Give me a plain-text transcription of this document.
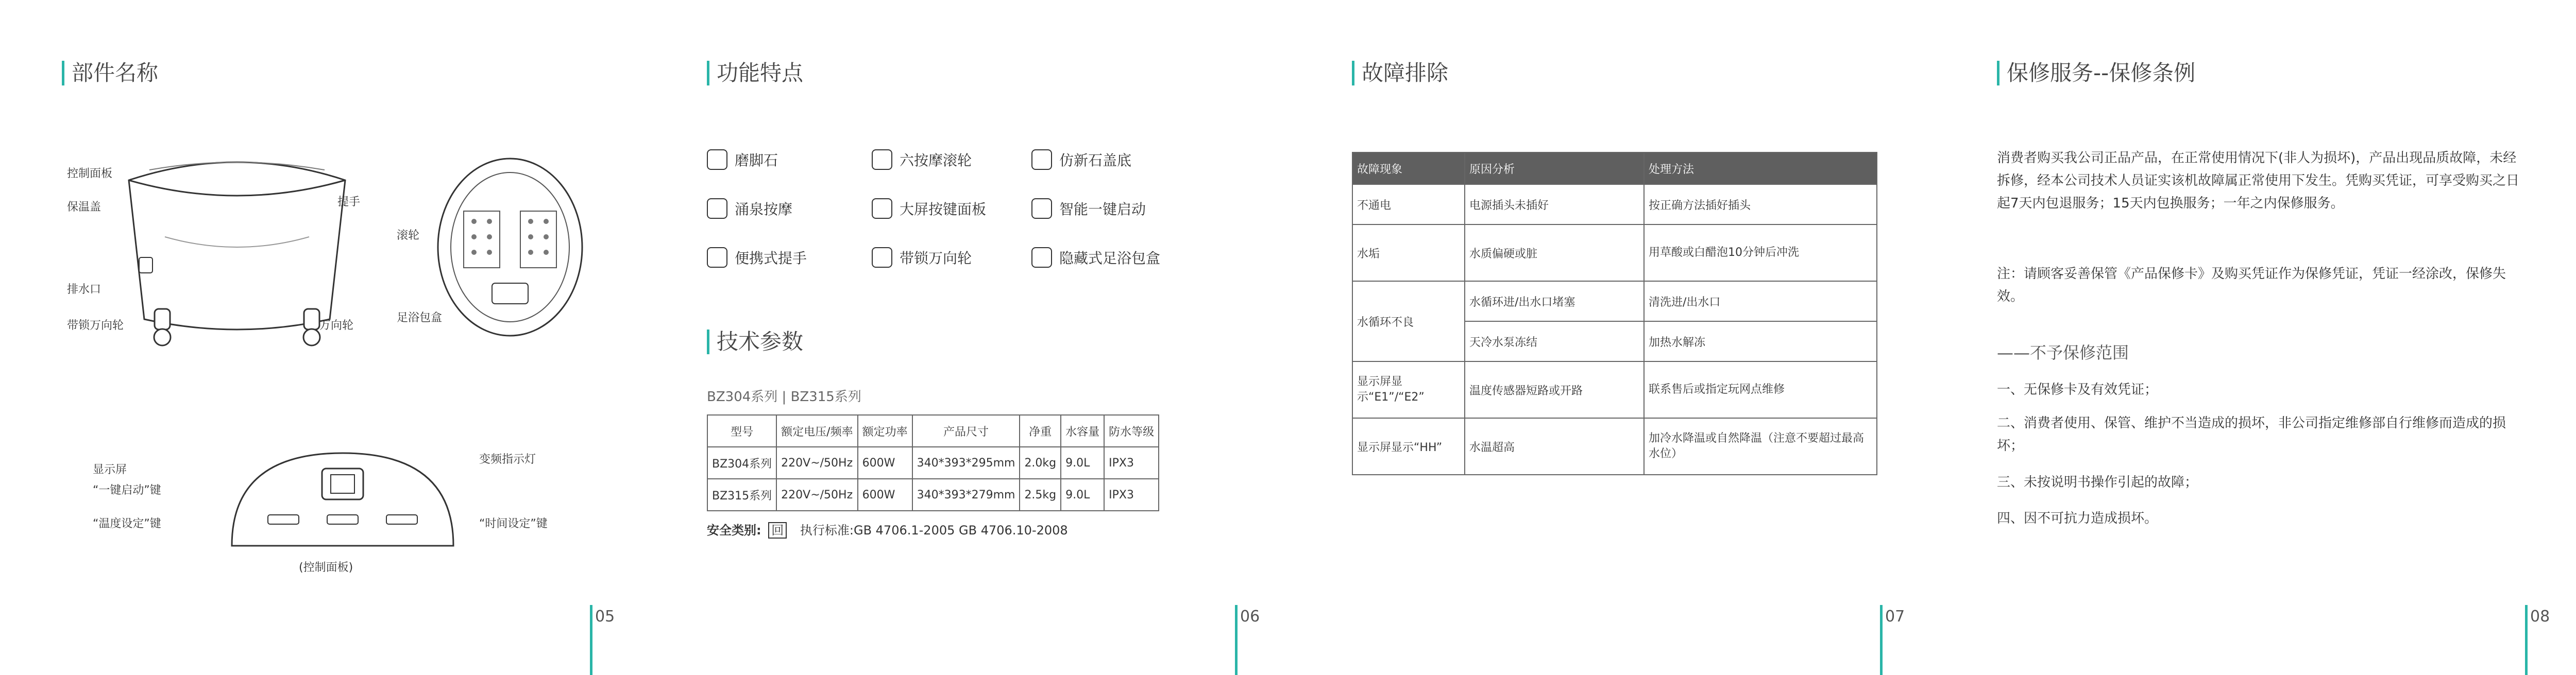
部件名称
控制面板
保温盖	提手
排水口
带锁万向轮	万向轮
滚轮
足浴包盒
显示屏
“一键启动”键
“温度设定”键
变频指示灯
“时间设定”键
(控制面板)
05
功能特点
磨脚石	六按摩滚轮	仿新石盖底
涌泉按摩	大屏按键面板	智能一键启动
便携式提手	带锁万向轮	隐藏式足浴包盒
技术参数
BZ304系列 | BZ315系列
型号	额定电压/频率	额定功率	产品尺寸	净重	水容量	防水等级
BZ304系列	220V~/50Hz	600W	340*393*295mm	2.0kg	9.0L	IPX3
BZ315系列	220V~/50Hz	600W	340*393*279mm	2.5kg	9.0L	IPX3
安全类别: 回 执行标准:GB 4706.1-2005 GB 4706.10-2008
06
故障排除
故障现象	原因分析	处理方法
不通电	电源插头未插好	按正确方法插好插头
水垢	水质偏硬或脏	用草酸或白醋泡10分钟后冲洗
水循环不良	水循环进/出水口堵塞	清洗进/出水口
	天冷水泵冻结	加热水解冻
显示屏显示“E1”/“E2”	温度传感器短路或开路	联系售后或指定玩网点维修
显示屏显示“HH”	水温超高	加冷水降温或自然降温（注意不要超过最高水位）
07
保修服务--保修条例
消费者购买我公司正品产品，在正常使用情况下(非人为损坏)，产品出现品质故障，未经拆修，经本公司技术人员证实该机故障属正常使用下发生。凭购买凭证，可享受购买之日起7天内包退服务；15天内包换服务；一年之内保修服务。
注：请顾客妥善保管《产品保修卡》及购买凭证作为保修凭证，凭证一经涂改，保修失效。
——不予保修范围
一、无保修卡及有效凭证；
二、消费者使用、保管、维护不当造成的损坏，非公司指定维修部自行维修而造成的损坏；
三、未按说明书操作引起的故障；
四、因不可抗力造成损坏。
08
